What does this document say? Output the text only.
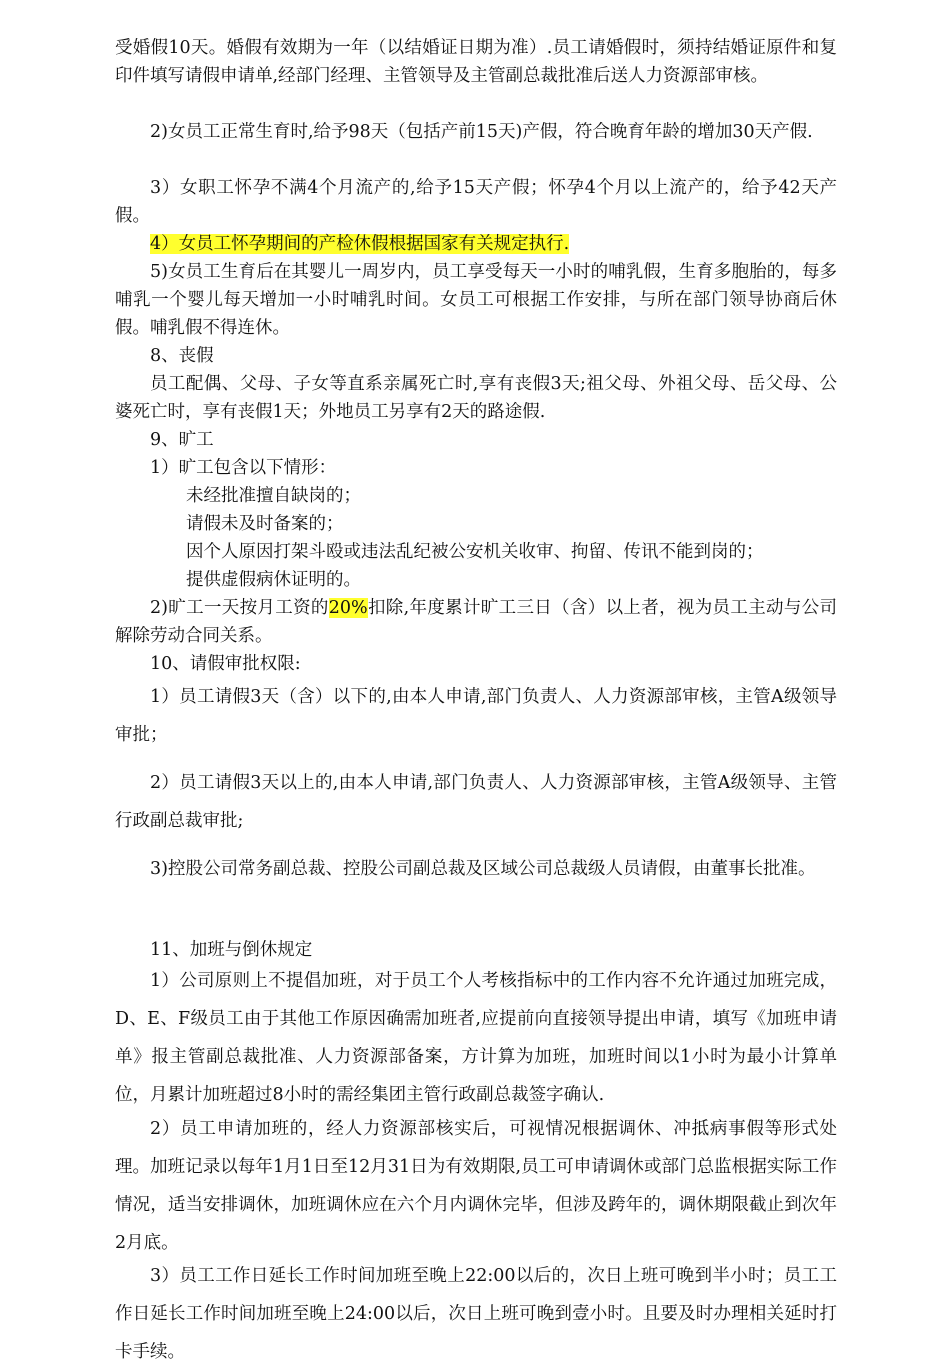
受婚假10天。婚假有效期为一年（以结婚证日期为准）.员工请婚假时，须持结婚证原件和复印件填写请假申请单,经部门经理、主管领导及主管副总裁批准后送人力资源部审核。

2)女员工正常生育时,给予98天（包括产前15天)产假，符合晚育年龄的增加30天产假.

3）女职工怀孕不满4个月流产的,给予15天产假；怀孕4个月以上流产的，给予42天产假。

4）女员工怀孕期间的产检休假根据国家有关规定执行.

5)女员工生育后在其婴儿一周岁内，员工享受每天一小时的哺乳假，生育多胞胎的，每多哺乳一个婴儿每天增加一小时哺乳时间。女员工可根据工作安排，与所在部门领导协商后休假。哺乳假不得连休。

8、丧假

员工配偶、父母、子女等直系亲属死亡时,享有丧假3天;祖父母、外祖父母、岳父母、公婆死亡时，享有丧假1天；外地员工另享有2天的路途假.

9、旷工

1）旷工包含以下情形：

未经批准擅自缺岗的；

请假未及时备案的；

因个人原因打架斗殴或违法乱纪被公安机关收审、拘留、传讯不能到岗的；

提供虚假病休证明的。

2)旷工一天按月工资的20%扣除,年度累计旷工三日（含）以上者，视为员工主动与公司解除劳动合同关系。

10、请假审批权限:

1）员工请假3天（含）以下的,由本人申请,部门负责人、人力资源部审核，主管A级领导审批；

2）员工请假3天以上的,由本人申请,部门负责人、人力资源部审核，主管A级领导、主管行政副总裁审批;

3)控股公司常务副总裁、控股公司副总裁及区域公司总裁级人员请假，由董事长批准。

11、加班与倒休规定

1）公司原则上不提倡加班，对于员工个人考核指标中的工作内容不允许通过加班完成，D、E、F级员工由于其他工作原因确需加班者,应提前向直接领导提出申请，填写《加班申请单》报主管副总裁批准、人力资源部备案，方计算为加班，加班时间以1小时为最小计算单位，月累计加班超过8小时的需经集团主管行政副总裁签字确认.

2）员工申请加班的，经人力资源部核实后，可视情况根据调休、冲抵病事假等形式处理。加班记录以每年1月1日至12月31日为有效期限,员工可申请调休或部门总监根据实际工作情况，适当安排调休，加班调休应在六个月内调休完毕，但涉及跨年的，调休期限截止到次年2月底。

3）员工工作日延长工作时间加班至晚上22:00以后的，次日上班可晚到半小时；员工工作日延长工作时间加班至晚上24:00以后，次日上班可晚到壹小时。且要及时办理相关延时打卡手续。
